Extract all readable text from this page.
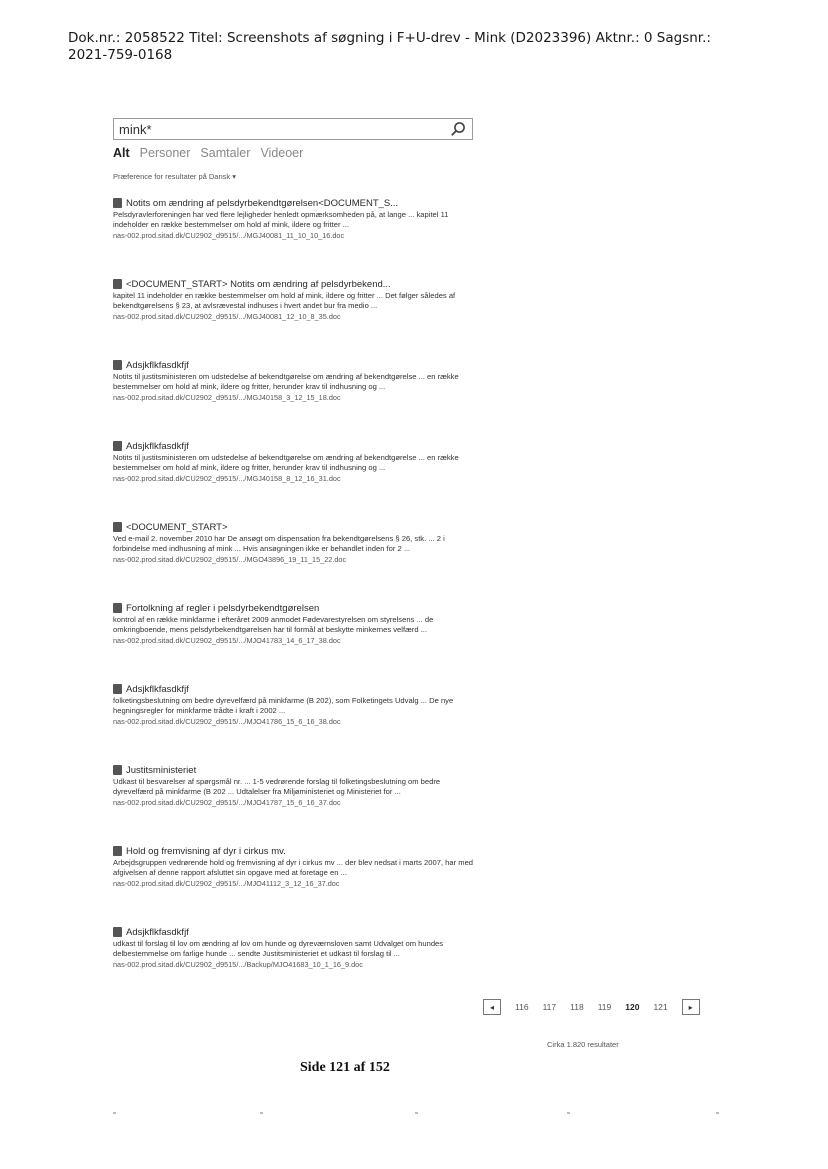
Dok.nr.: 2058522 Titel: Screenshots af søgning i F+U-drev - Mink (D2023396) Aktnr.: 0 Sagsnr.:
2021-759-0168
mink*
Alt Personer Samtaler Videoer
Præference for resultater på Dansk ▾
Notits om ændring af pelsdyrbekendtgørelsen<DOCUMENT_S...
Pelsdyravlerforeningen har ved flere lejligheder henledt opmærksomheden på, at lange ... kapitel 11 indeholder en række bestemmelser om hold af mink, ildere og fritter ...
nas-002.prod.sitad.dk/CU2902_d9515/.../MGJ40081_11_10_10_16.doc
<DOCUMENT_START> Notits om ændring af pelsdyrbekend...
kapitel 11 indeholder en række bestemmelser om hold af mink, ildere og fritter ... Det følger således af bekendtgørelsens § 23, at avlsrævestal indhuses i hvert andet bur fra medio ...
nas-002.prod.sitad.dk/CU2902_d9515/.../MGJ40081_12_10_8_35.doc
Adsjkflkfasdkfjf
Notits til justitsministeren om udstedelse af bekendtgørelse om ændring af bekendtgørelse ... en række bestemmelser om hold af mink, ildere og fritter, herunder krav til indhusning og ...
nas-002.prod.sitad.dk/CU2902_d9515/.../MGJ40158_3_12_15_18.doc
Adsjkflkfasdkfjf
Notits til justitsministeren om udstedelse af bekendtgørelse om ændring af bekendtgørelse ... en række bestemmelser om hold af mink, ildere og fritter, herunder krav til indhusning og ...
nas-002.prod.sitad.dk/CU2902_d9515/.../MGJ40158_8_12_16_31.doc
<DOCUMENT_START>
Ved e-mail 2. november 2010 har De ansøgt om dispensation fra bekendtgørelsens § 26, stk. ... 2 i forbindelse med indhusning af mink ... Hvis ansøgningen ikke er behandlet inden for 2 ...
nas-002.prod.sitad.dk/CU2902_d9515/.../MGO43896_19_11_15_22.doc
Fortolkning af regler i pelsdyrbekendtgørelsen
kontrol af en række minkfarme i efteråret 2009 anmodet Fødevarestyrelsen om styrelsens ... de omkringboende, mens pelsdyrbekendtgørelsen har til formål at beskytte minkernes velfærd ...
nas-002.prod.sitad.dk/CU2902_d9515/.../MJO41783_14_6_17_38.doc
Adsjkflkfasdkfjf
folketingsbeslutning om bedre dyrevelfærd på minkfarme (B 202), som Folketingets Udvalg ... De nye hegningsregler for minkfarme trådte i kraft i 2002 ...
nas-002.prod.sitad.dk/CU2902_d9515/.../MJO41786_15_6_16_38.doc
Justitsministeriet
Udkast til besvarelser af spørgsmål nr. ... 1-5 vedrørende forslag til folketingsbeslutning om bedre dyrevelfærd på minkfarme (B 202 ... Udtalelser fra Miljøministeriet og Ministeriet for ...
nas-002.prod.sitad.dk/CU2902_d9515/.../MJO41787_15_6_16_37.doc
Hold og fremvisning af dyr i cirkus mv.
Arbejdsgruppen vedrørende hold og fremvisning af dyr i cirkus mv ... der blev nedsat i marts 2007, har med afgivelsen af denne rapport afsluttet sin opgave med at foretage en ...
nas-002.prod.sitad.dk/CU2902_d9515/.../MJO41112_3_12_16_37.doc
Adsjkflkfasdkfjf
udkast til forslag til lov om ændring af lov om hunde og dyreværnsloven samt Udvalget om hundes delbestemmelse om farlige hunde ... sendte Justitsministeriet et udkast til forslag til ...
nas-002.prod.sitad.dk/CU2902_d9515/.../Backup/MJO41683_10_1_16_9.doc
◂	116 117 118 119 120 121	▸
Cirka 1.820 resultater
Side 121 af 152
